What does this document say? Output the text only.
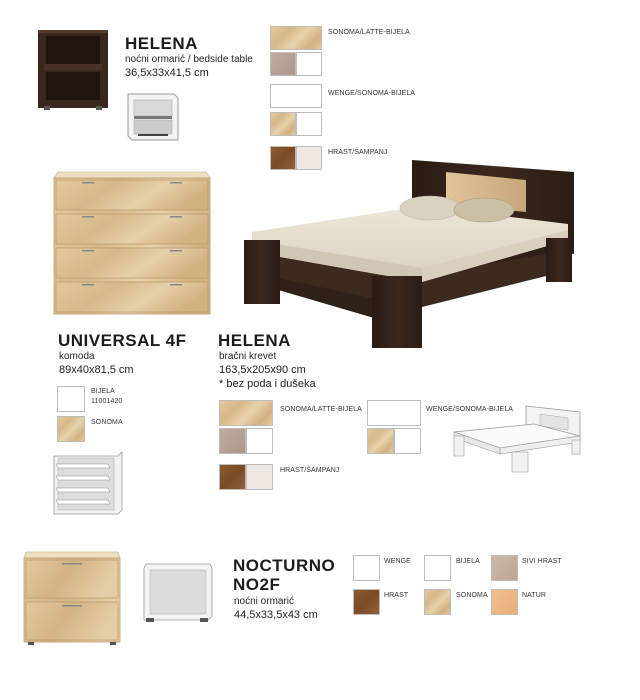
HELENA
noćni ormarić / bedside table
36,5x33x41,5 cm
SONOMA/LATTE-BIJELA
WENGE/SONOMA-BIJELA
HRAST/ŠAMPANJ
UNIVERSAL 4F
komoda
89x40x81,5 cm
BIJELA
11001420
SONOMA
HELENA
bračni krevet
163,5x205x90 cm
* bez poda i dušeka
SONOMA/LATTE-BIJELA	WENGE/SONOMA-BIJELA
HRAST/ŠAMPANJ
NOCTURNO
NO2F
noćni ormarić
44,5x33,5x43 cm
WENGE	BIJELA	SIVI HRAST
HRAST	SONOMA	NATUR
